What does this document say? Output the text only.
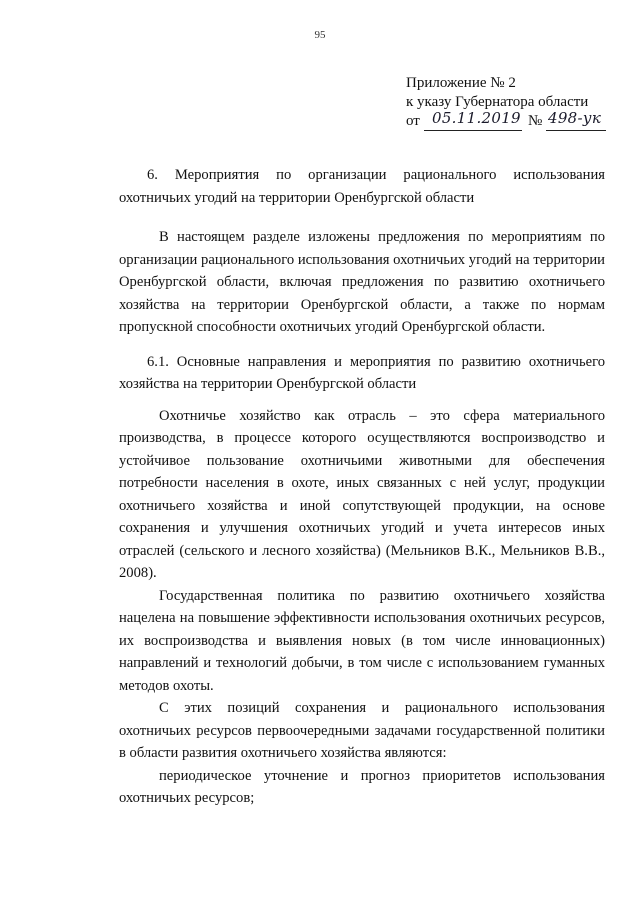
95
Приложение № 2
к указу Губернатора области
от 05.11.2019 № 498-ук
6. Мероприятия по организации рационального использования
охотничьих угодий на территории Оренбургской области

В настоящем разделе изложены предложения по мероприятиям по организации рационального использования охотничьих угодий на территории Оренбургской области, включая предложения по развитию охотничьего хозяйства на территории Оренбургской области, а также по нормам пропускной способности охотничьих угодий Оренбургской области.

6.1. Основные направления и мероприятия по развитию охотничьего
хозяйства на территории Оренбургской области

Охотничье хозяйство как отрасль – это сфера материального производства, в процессе которого осуществляются воспроизводство и устойчивое пользование охотничьими животными для обеспечения потребности населения в охоте, иных связанных с ней услуг, продукции охотничьего хозяйства и иной сопутствующей продукции, на основе сохранения и улучшения охотничьих угодий и учета интересов иных отраслей (сельского и лесного хозяйства) (Мельников В.К., Мельников В.В., 2008).

Государственная политика по развитию охотничьего хозяйства нацелена на повышение эффективности использования охотничьих ресурсов, их воспроизводства и выявления новых (в том числе инновационных) направлений и технологий добычи, в том числе с использованием гуманных методов охоты.

С этих позиций сохранения и рационального использования охотничьих ресурсов первоочередными задачами государственной политики в области развития охотничьего хозяйства являются:

периодическое уточнение и прогноз приоритетов использования охотничьих ресурсов;
